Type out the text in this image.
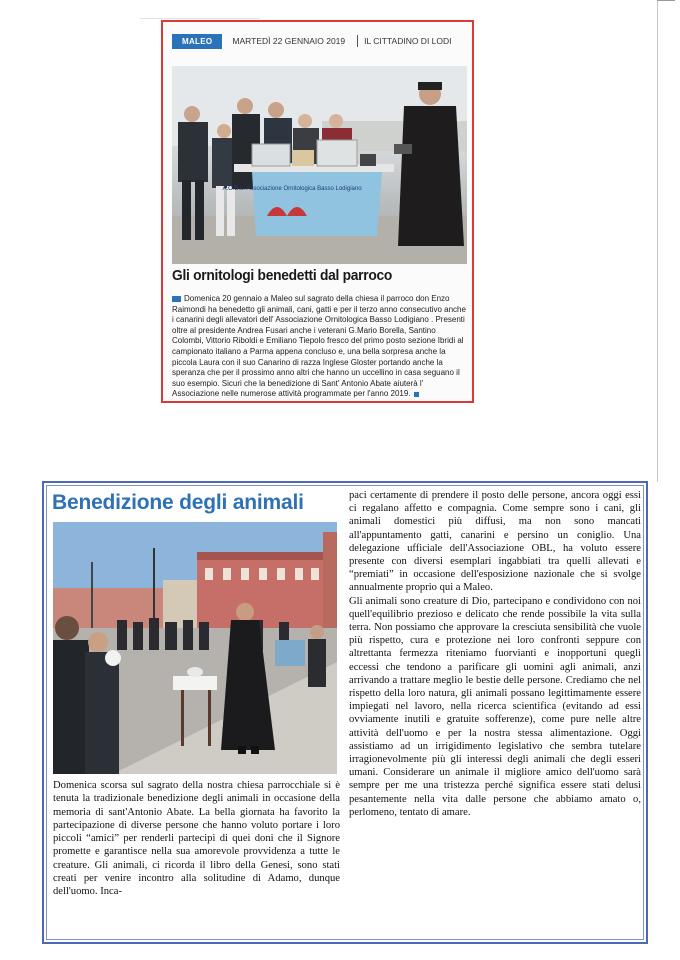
MALEO	MARTEDÌ 22 GENNAIO 2019 IL CITTADINO DI LODI
A.O.B.L. Associazione Ornitologica Basso Lodigiano
Gli ornitologi benedetti dal parroco
Domenica 20 gennaio a Maleo sul sagrato della chiesa il parroco don Enzo Raimondi ha benedetto gli animali, cani, gatti e per il terzo anno consecutivo anche i canarini degli allevatori dell' Associazione Ornitologica Basso Lodigiano . Presenti oltre al presidente Andrea Fusari anche i veterani G.Mario Borella, Santino Colombi, Vittorio Riboldi e Emiliano Tiepolo fresco del primo posto sezione Ibridi al campionato italiano a Parma appena concluso e, una bella sorpresa anche la piccola Laura con il suo Canarino di razza Inglese Gloster portando anche la speranza che per il prossimo anno altri che hanno un uccellino in casa seguano il suo esempio. Sicuri che la benedizione di Sant' Antonio Abate aiuterà l' Associazione nelle numerose attività programmate per l'anno 2019.
Benedizione degli animali
Domenica scorsa sul sagrato della nostra chiesa parrocchiale si è tenuta la tradizionale benedizione degli animali in occasione della memoria di sant'Antonio Abate. La bella giornata ha favorito la partecipazione di diverse persone che hanno voluto portare i loro piccoli “amici” per renderli partecipi di quei doni che il Signore promette e garantisce nella sua amorevole provvidenza a tutte le creature. Gli animali, ci ricorda il libro della Genesi, sono stati creati per venire incontro alla solitudine di Adamo, dunque dell'uomo. Inca-

paci certamente di prendere il posto delle persone, ancora oggi essi ci regalano affetto e compagnia. Come sempre sono i cani, gli animali domestici più diffusi, ma non sono mancati all'appuntamento gatti, canarini e persino un coniglio. Una delegazione ufficiale dell'Associazione OBL, ha voluto essere presente con diversi esemplari ingabbiati tra quelli allevati e “premiati” in occasione dell'esposizione nazionale che si svolge annualmente proprio qui a Maleo.

Gli animali sono creature di Dio, partecipano e condividono con noi quell'equilibrio prezioso e delicato che rende possibile la vita sulla terra. Non possiamo che approvare la cresciuta sensibilità che vuole più rispetto, cura e protezione nei loro confronti seppure con altrettanta fermezza riteniamo fuorvianti e inopportuni quegli eccessi che tendono a parificare gli uomini agli animali, anzi arrivando a trattare meglio le bestie delle persone. Crediamo che nel rispetto della loro natura, gli animali possano legittimamente essere impiegati nel lavoro, nella ricerca scientifica (evitando ad essi ovviamente inutili e gratuite sofferenze), come pure nelle altre attività dell'uomo e per la nostra stessa alimentazione. Oggi assistiamo ad un irrigidimento legislativo che sembra tutelare irragionevolmente più gli interessi degli animali che degli esseri umani. Considerare un animale il migliore amico dell'uomo sarà sempre per me una tristezza perché significa essere stati delusi pesantemente nella vita dalle persone che abbiamo amato o, perlomeno, tentato di amare.
